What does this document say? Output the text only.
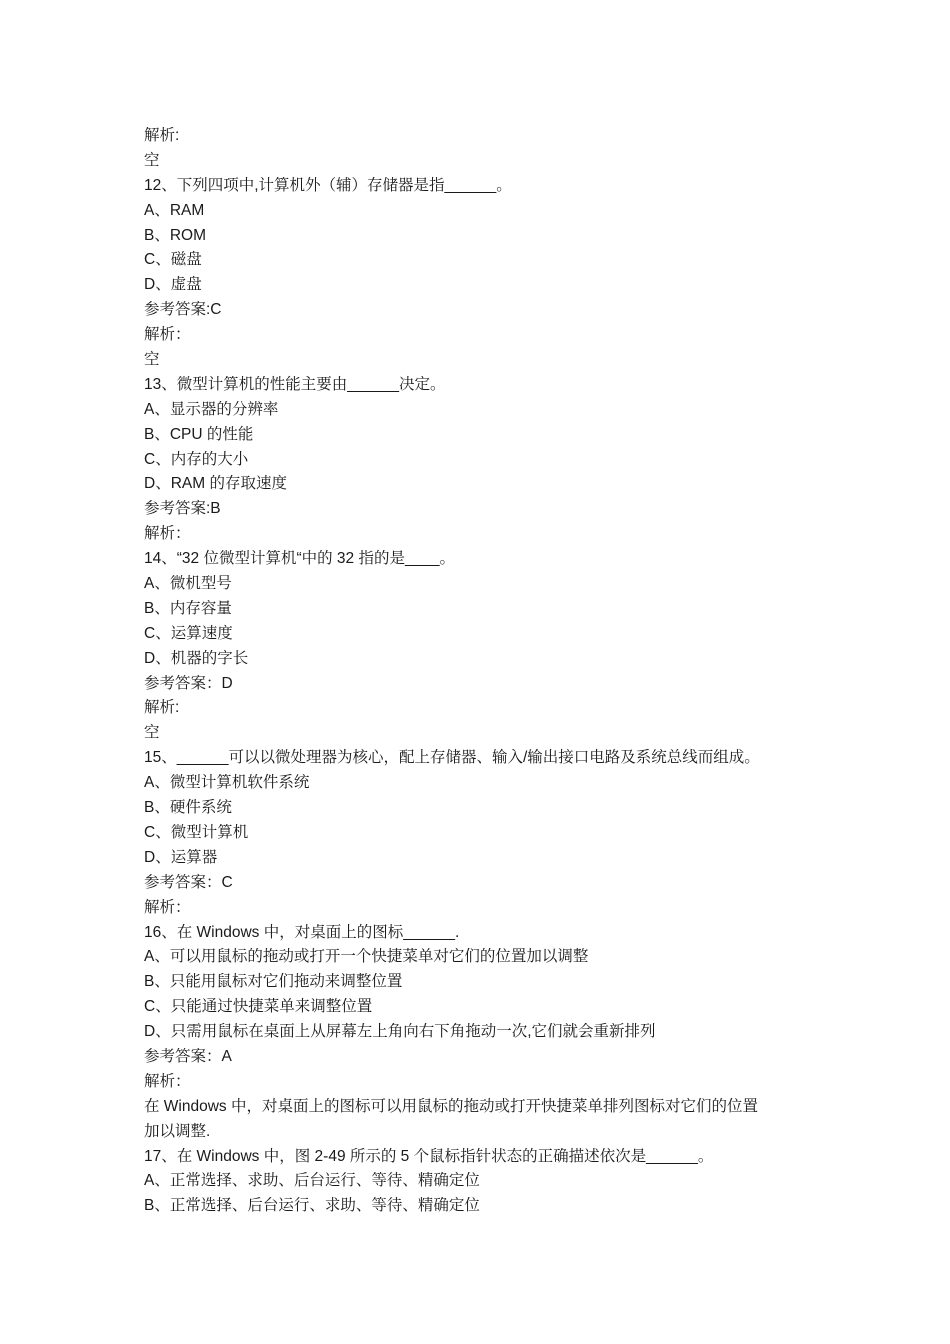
解析:
空
12、下列四项中,计算机外（辅）存储器是指______。
A、RAM
B、ROM
C、磁盘
D、虚盘
参考答案:C
解析：
空
13、微型计算机的性能主要由______决定。
A、显示器的分辨率
B、CPU 的性能
C、内存的大小
D、RAM 的存取速度
参考答案:B
解析：
14、“32 位微型计算机“中的 32 指的是____。
A、微机型号
B、内存容量
C、运算速度
D、机器的字长
参考答案：D
解析:
空
15、______可以以微处理器为核心，配上存储器、输入/输出接口电路及系统总线而组成。
A、微型计算机软件系统
B、硬件系统
C、微型计算机
D、运算器
参考答案：C
解析：
16、在 Windows 中，对桌面上的图标______.
A、可以用鼠标的拖动或打开一个快捷菜单对它们的位置加以调整
B、只能用鼠标对它们拖动来调整位置
C、只能通过快捷菜单来调整位置
D、只需用鼠标在桌面上从屏幕左上角向右下角拖动一次,它们就会重新排列
参考答案：A
解析：
在 Windows 中，对桌面上的图标可以用鼠标的拖动或打开快捷菜单排列图标对它们的位置
加以调整.
17、在 Windows 中，图 2-49 所示的 5 个鼠标指针状态的正确描述依次是______。
A、正常选择、求助、后台运行、等待、精确定位
B、正常选择、后台运行、求助、等待、精确定位
